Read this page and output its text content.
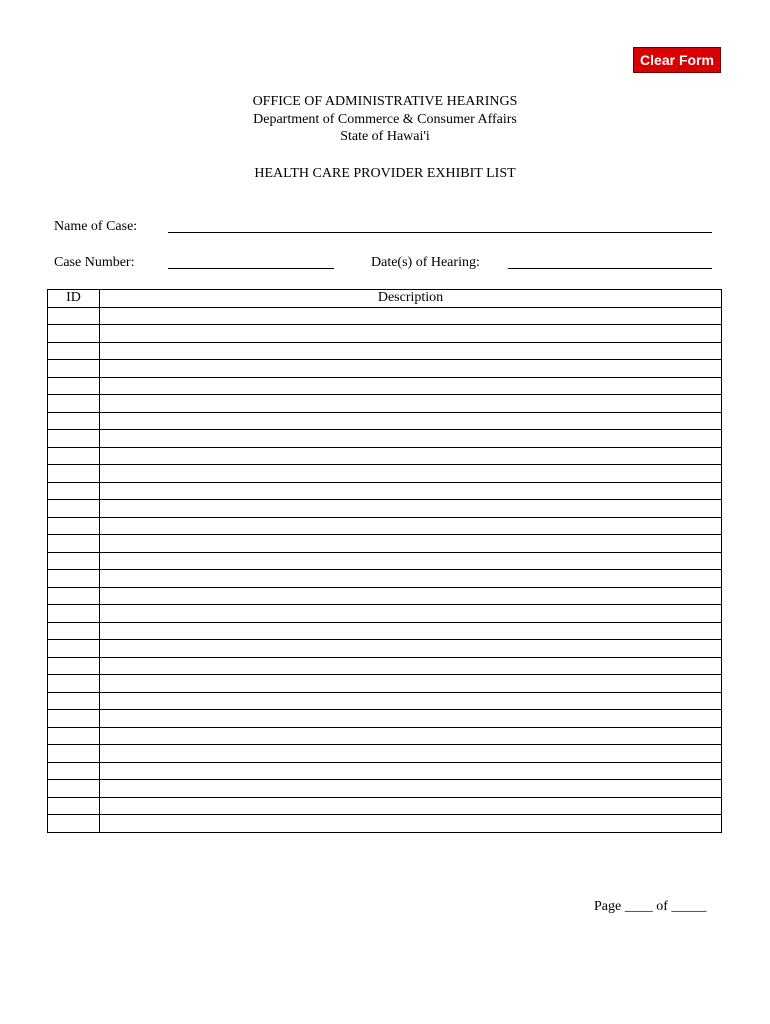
Clear Form
OFFICE OF ADMINISTRATIVE HEARINGS
Department of Commerce & Consumer Affairs
State of Hawai'i
HEALTH CARE PROVIDER EXHIBIT LIST
Name of Case:
Case Number:	Date(s) of Hearing:
ID	Description

Page ____ of _____
